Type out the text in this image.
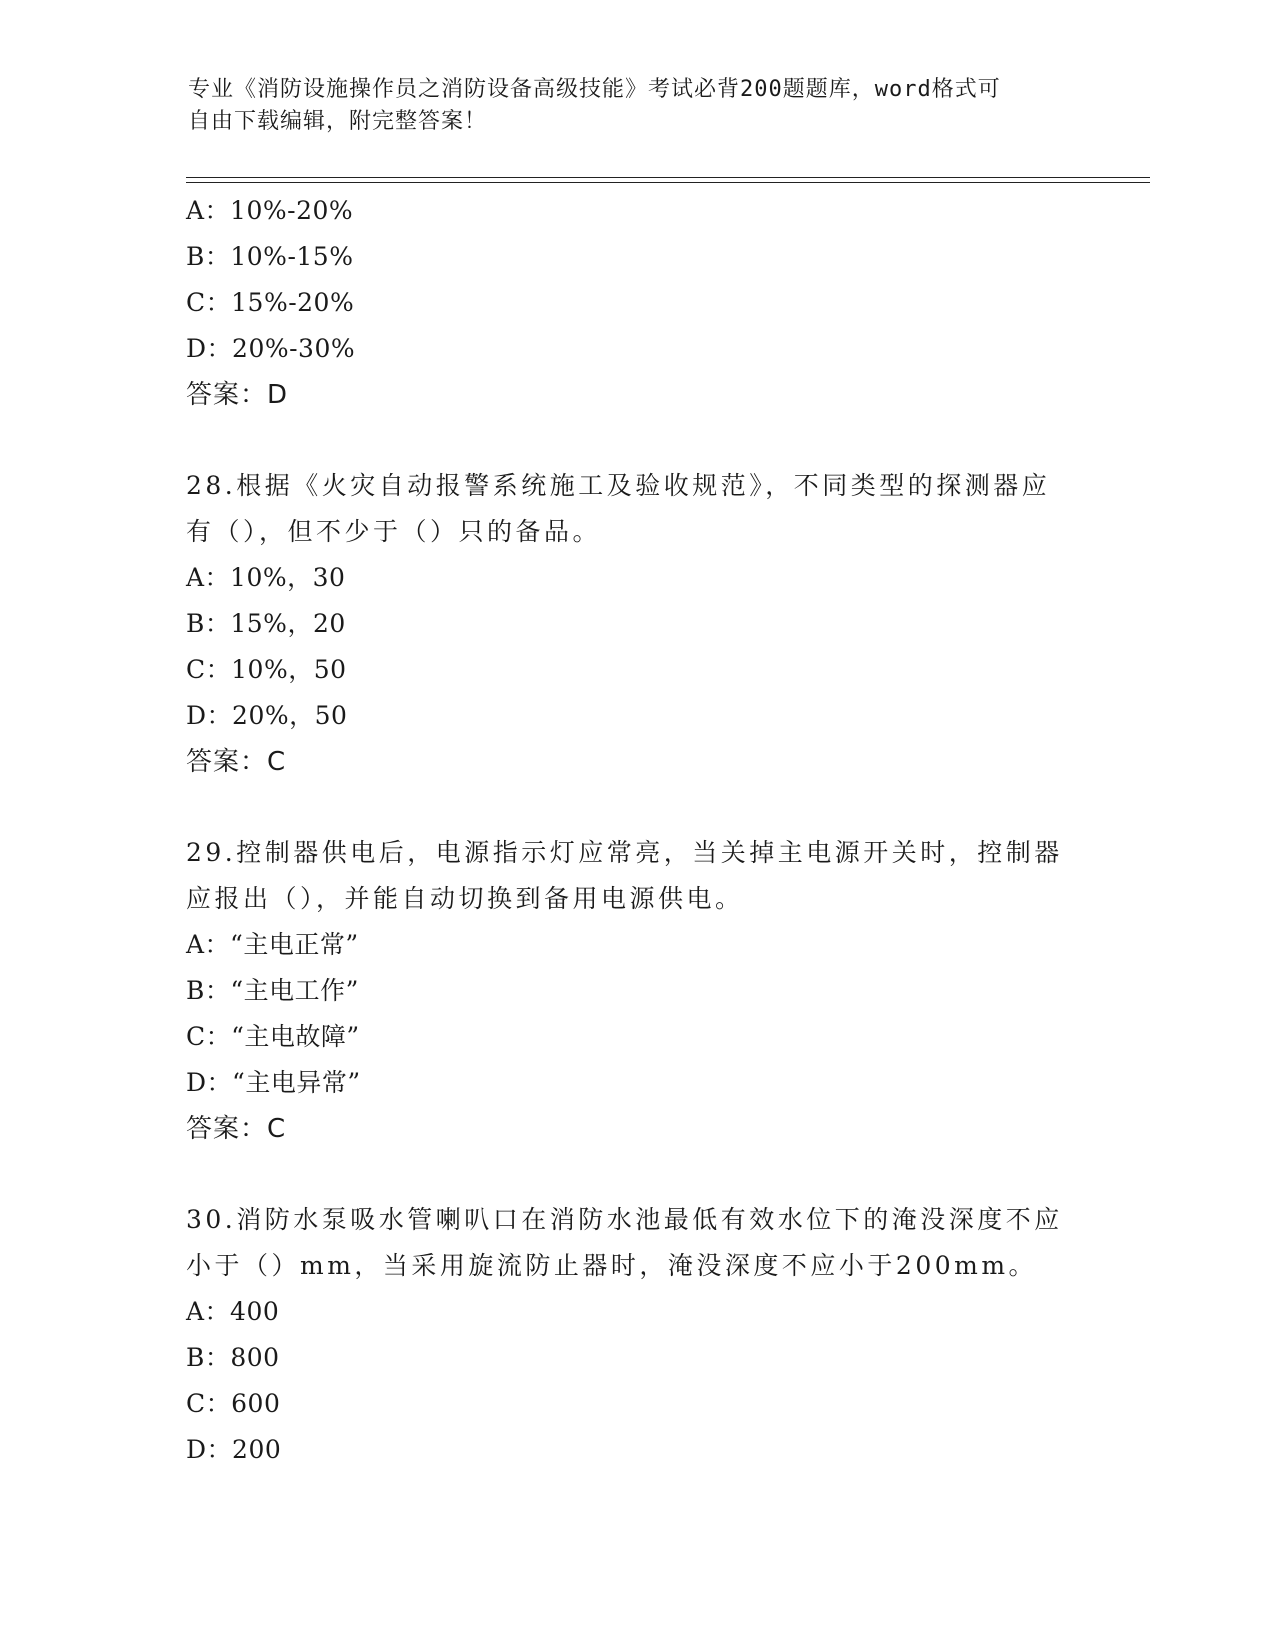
专业《消防设施操作员之消防设备高级技能》考试必背200题题库，word格式可
自由下载编辑，附完整答案！
A：10%-20%
B：10%-15%
C：15%-20%
D：20%-30%
答案：D
28.根据《火灾自动报警系统施工及验收规范》，不同类型的探测器应
有（），但不少于（）只的备品。
A：10%，30
B：15%，20
C：10%，50
D：20%，50
答案：C
29.控制器供电后，电源指示灯应常亮，当关掉主电源开关时，控制器
应报出（），并能自动切换到备用电源供电。
A：“主电正常”
B：“主电工作”
C：“主电故障”
D：“主电异常”
答案：C
30.消防水泵吸水管喇叭口在消防水池最低有效水位下的淹没深度不应
小于（）mm，当采用旋流防止器时，淹没深度不应小于200mm。
A：400
B：800
C：600
D：200
